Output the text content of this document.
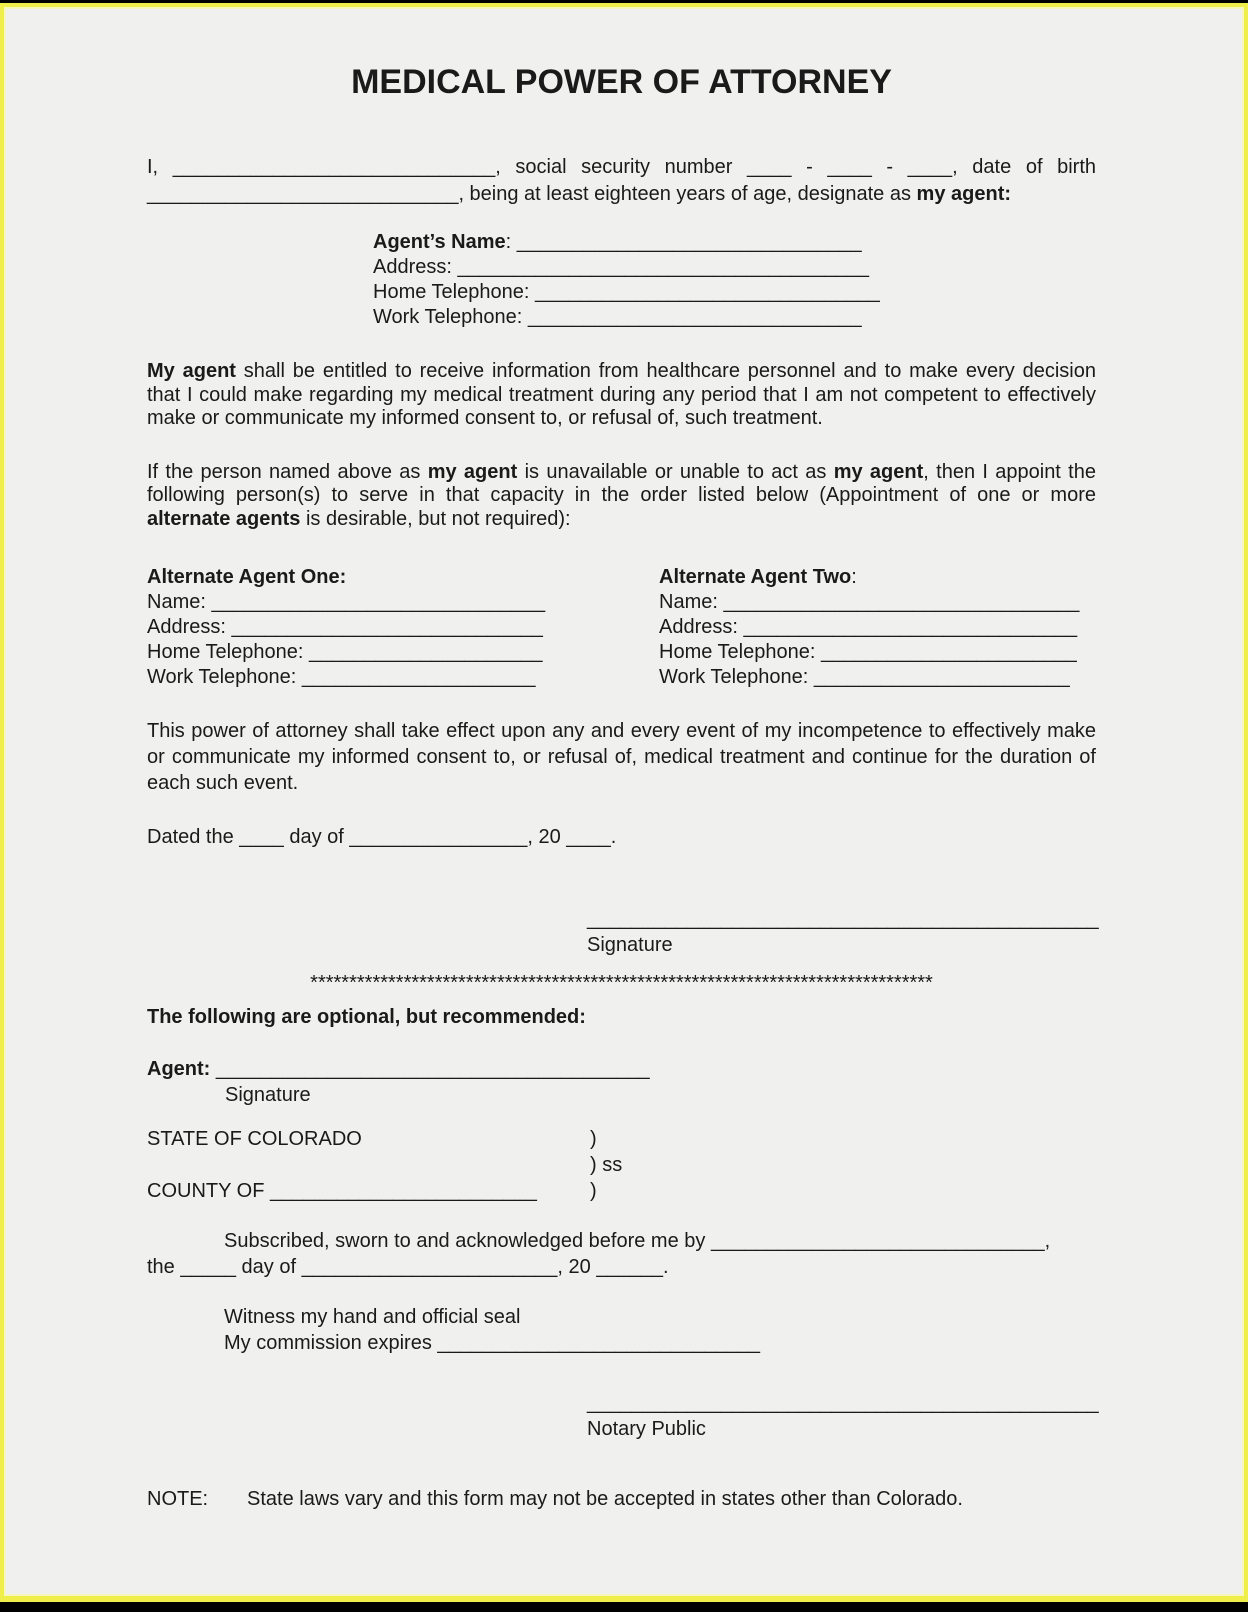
MEDICAL POWER OF ATTORNEY
I, _____________________________, social security number ____ - ____ - ____, date of birth ____________________________, being at least eighteen years of age, designate as my agent:
Agent’s Name: _______________________________
Address: _____________________________________
Home Telephone: _______________________________
Work Telephone: ______________________________
My agent shall be entitled to receive information from healthcare personnel and to make every decision that I could make regarding my medical treatment during any period that I am not competent to effectively make or communicate my informed consent to, or refusal of, such treatment.
If the person named above as my agent is unavailable or unable to act as my agent, then I appoint the following person(s) to serve in that capacity in the order listed below (Appointment of one or more alternate agents is desirable, but not required):
Alternate Agent One:
Name: ______________________________
Address: ____________________________
Home Telephone: _____________________
Work Telephone: _____________________
Alternate Agent Two:
Name: ________________________________
Address: ______________________________
Home Telephone: _______________________
Work Telephone: _______________________
This power of attorney shall take effect upon any and every event of my incompetence to effectively make or communicate my informed consent to, or refusal of, medical treatment and continue for the duration of each such event.
Dated the ____ day of ________________, 20 ____.
______________________________________________
Signature
********************************************************************************
The following are optional, but recommended:
Agent: _______________________________________
Signature
STATE OF COLORADO	)
) ss
COUNTY OF ________________________	)
Subscribed, sworn to and acknowledged before me by ______________________________,
the _____ day of _______________________, 20 ______.
Witness my hand and official seal
My commission expires _____________________________
______________________________________________
Notary Public
NOTE: State laws vary and this form may not be accepted in states other than Colorado.
